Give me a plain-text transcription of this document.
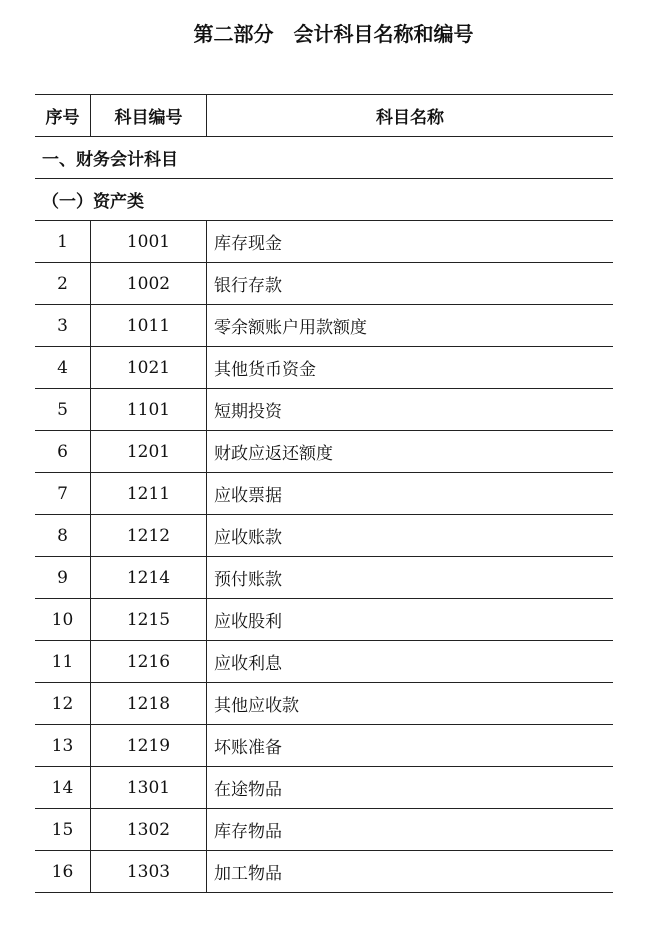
第二部分　会计科目名称和编号
序号	科目编号	科目名称
一、财务会计科目		
（一）资产类		
1	1001	库存现金
2	1002	银行存款
3	1011	零余额账户用款额度
4	1021	其他货币资金
5	1101	短期投资
6	1201	财政应返还额度
7	1211	应收票据
8	1212	应收账款
9	1214	预付账款
10	1215	应收股利
11	1216	应收利息
12	1218	其他应收款
13	1219	坏账准备
14	1301	在途物品
15	1302	库存物品
16	1303	加工物品
